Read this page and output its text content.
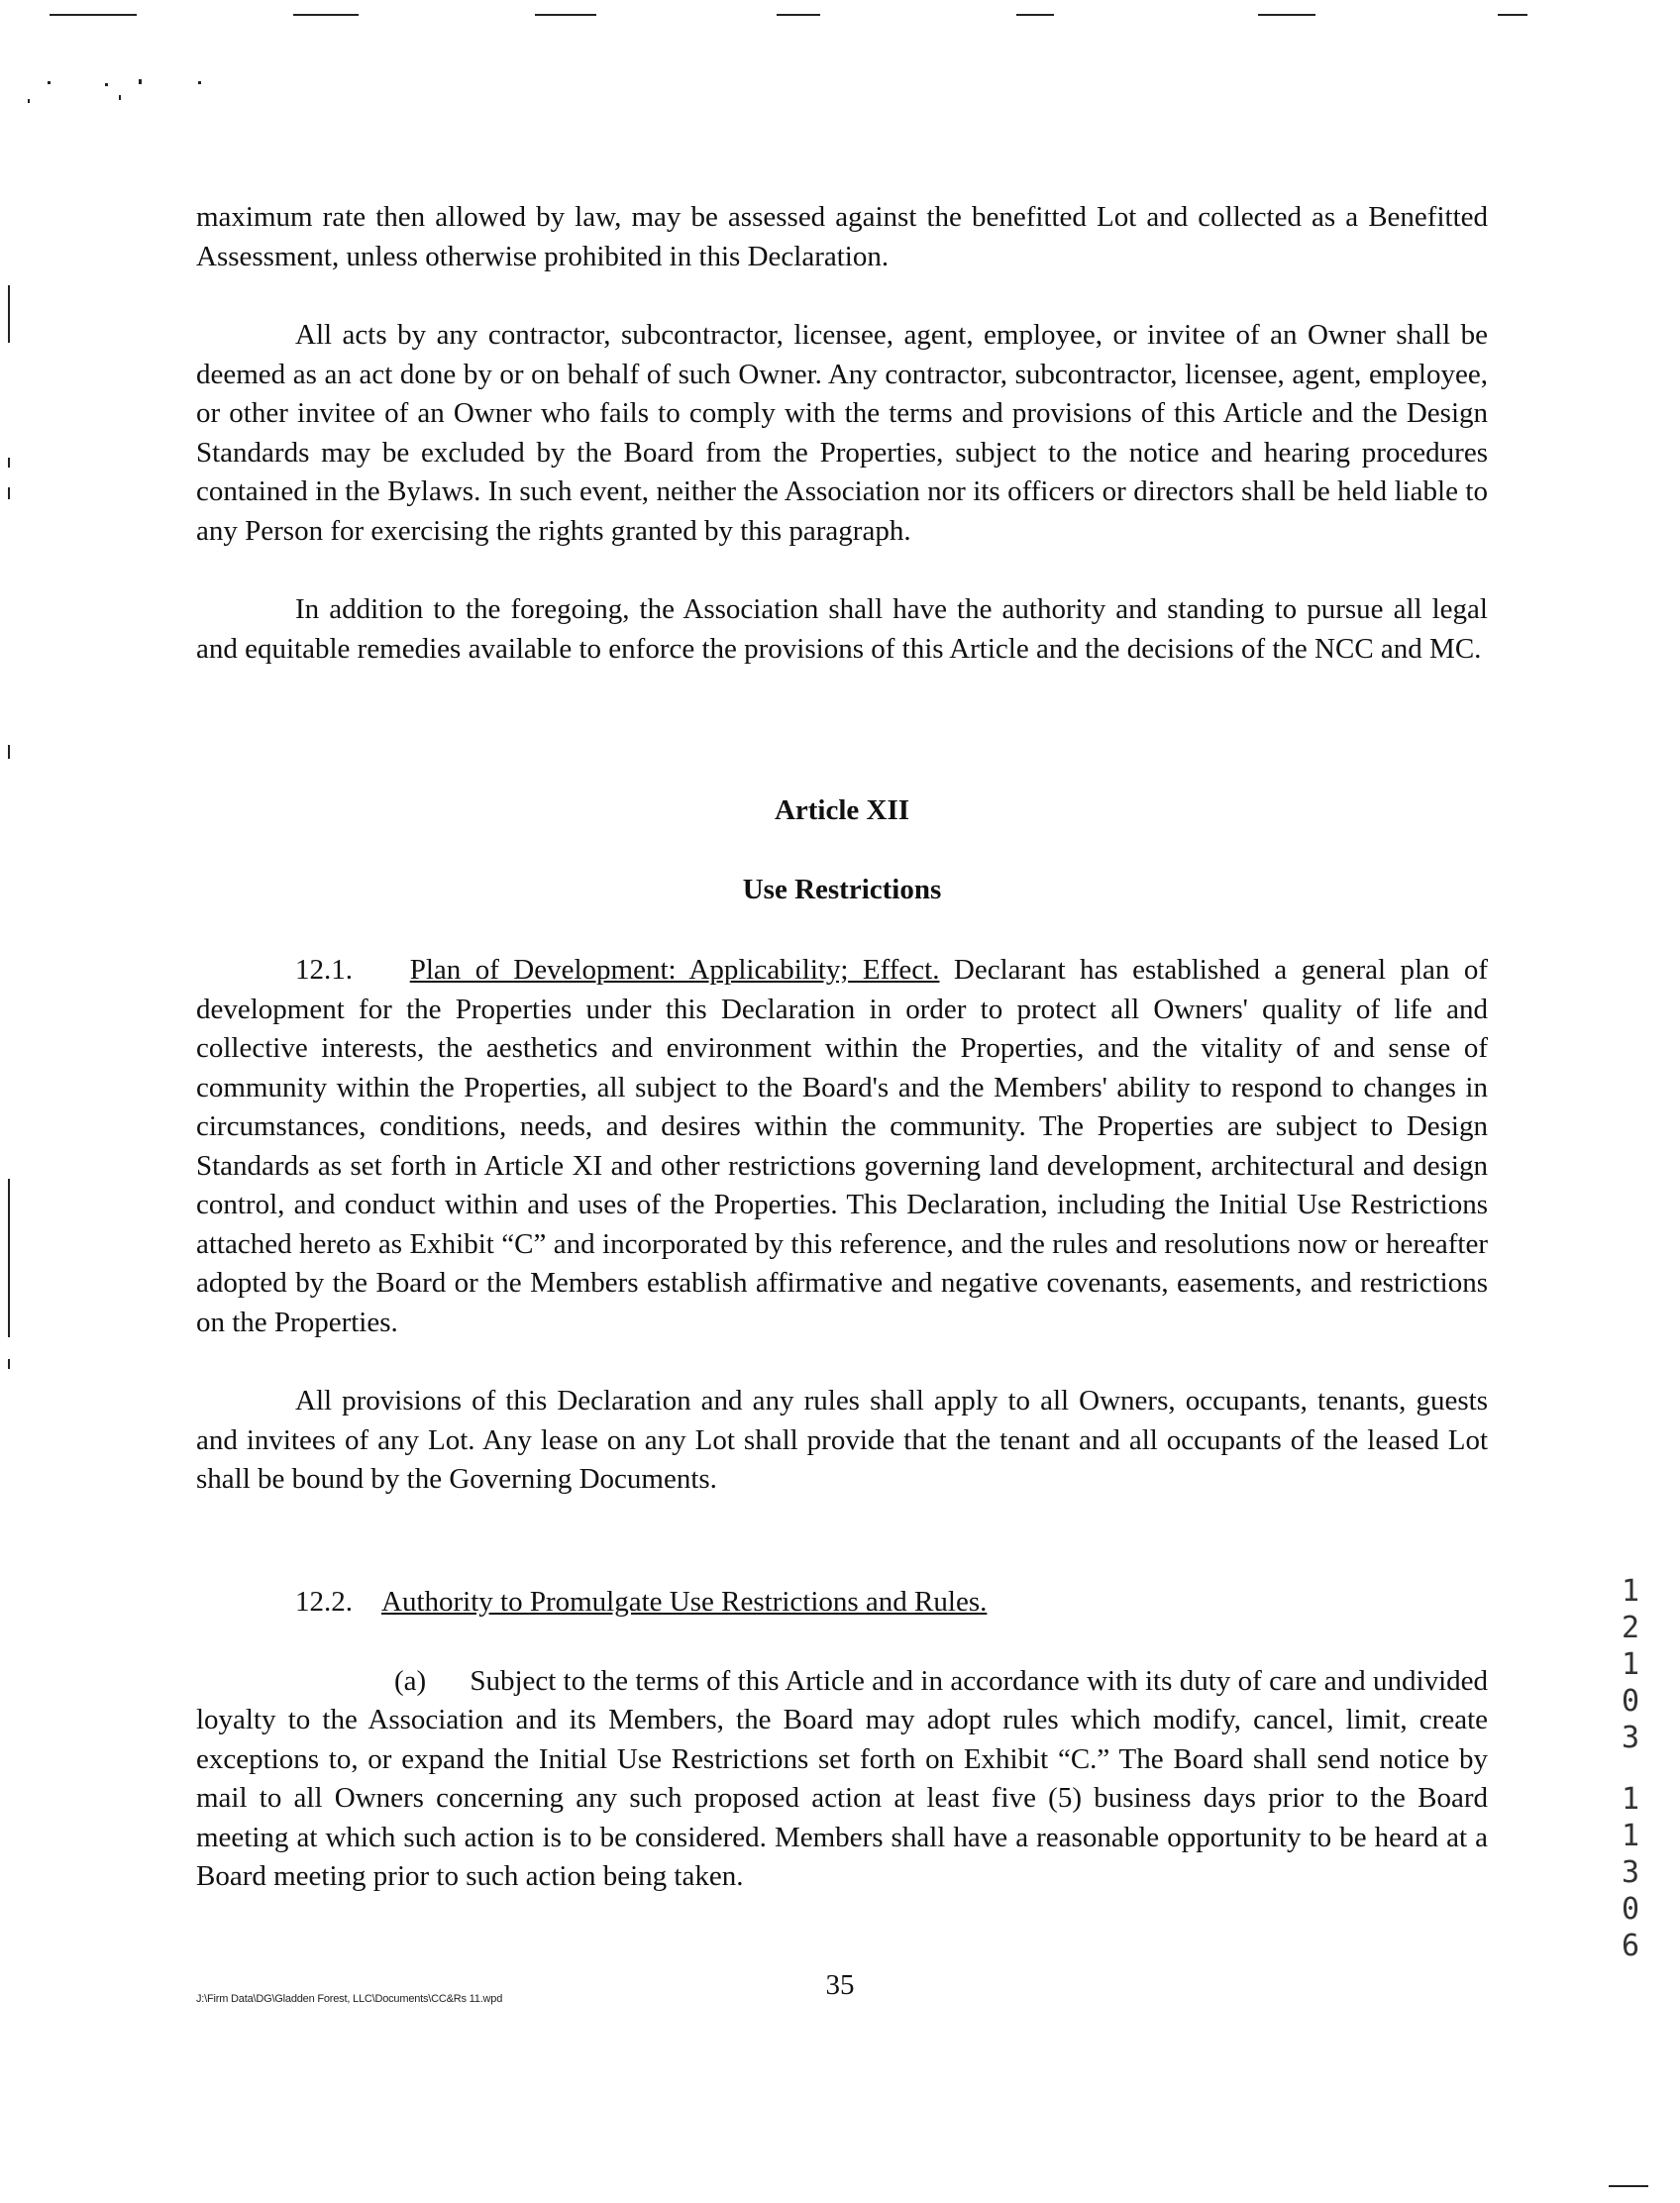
maximum rate then allowed by law, may be assessed against the benefitted Lot and collected as a Benefitted Assessment, unless otherwise prohibited in this Declaration.

All acts by any contractor, subcontractor, licensee, agent, employee, or invitee of an Owner shall be deemed as an act done by or on behalf of such Owner. Any contractor, subcontractor, licensee, agent, employee, or other invitee of an Owner who fails to comply with the terms and provisions of this Article and the Design Standards may be excluded by the Board from the Properties, subject to the notice and hearing procedures contained in the Bylaws. In such event, neither the Association nor its officers or directors shall be held liable to any Person for exercising the rights granted by this paragraph.

In addition to the foregoing, the Association shall have the authority and standing to pursue all legal and equitable remedies available to enforce the provisions of this Article and the decisions of the NCC and MC.

Article XII
Use Restrictions

12.1. Plan of Development: Applicability; Effect. Declarant has established a general plan of development for the Properties under this Declaration in order to protect all Owners' quality of life and collective interests, the aesthetics and environment within the Properties, and the vitality of and sense of community within the Properties, all subject to the Board's and the Members' ability to respond to changes in circumstances, conditions, needs, and desires within the community. The Properties are subject to Design Standards as set forth in Article XI and other restrictions governing land development, architectural and design control, and conduct within and uses of the Properties. This Declaration, including the Initial Use Restrictions attached hereto as Exhibit “C” and incorporated by this reference, and the rules and resolutions now or hereafter adopted by the Board or the Members establish affirmative and negative covenants, easements, and restrictions on the Properties.

All provisions of this Declaration and any rules shall apply to all Owners, occupants, tenants, guests and invitees of any Lot. Any lease on any Lot shall provide that the tenant and all occupants of the leased Lot shall be bound by the Governing Documents.

12.2. Authority to Promulgate Use Restrictions and Rules.

(a) Subject to the terms of this Article and in accordance with its duty of care and undivided loyalty to the Association and its Members, the Board may adopt rules which modify, cancel, limit, create exceptions to, or expand the Initial Use Restrictions set forth on Exhibit “C.” The Board shall send notice by mail to all Owners concerning any such proposed action at least five (5) business days prior to the Board meeting at which such action is to be considered. Members shall have a reasonable opportunity to be heard at a Board meeting prior to such action being taken.

1
2
1
0
3
1
1
3
0
6
35
J:\Firm Data\DG\Gladden Forest, LLC\Documents\CC&Rs 11.wpd
